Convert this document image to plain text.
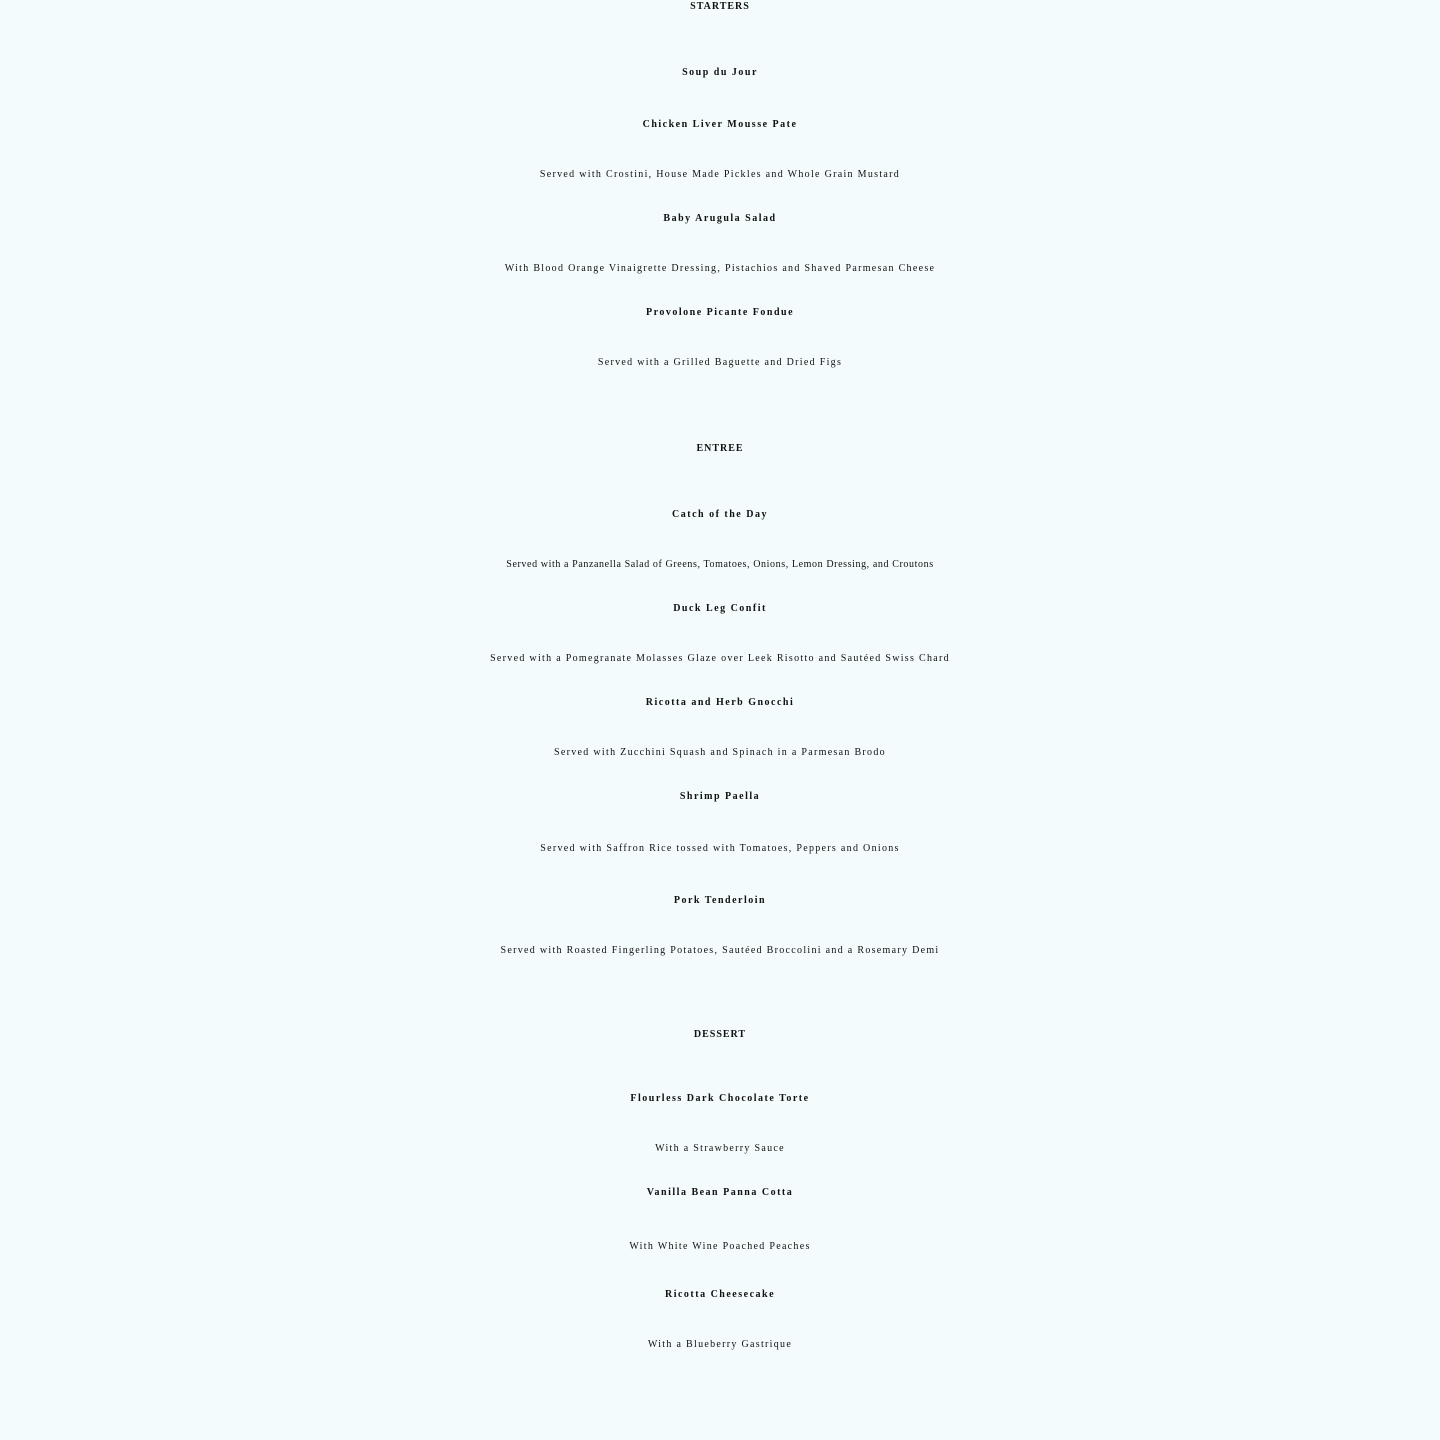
STARTERS
Soup du Jour
Chicken Liver Mousse Pate
Served with Crostini, House Made Pickles and Whole Grain Mustard
Baby Arugula Salad
With Blood Orange Vinaigrette Dressing, Pistachios and Shaved Parmesan Cheese
Provolone Picante Fondue
Served with a Grilled Baguette and Dried Figs
ENTREE
Catch of the Day
Served with a Panzanella Salad of Greens, Tomatoes, Onions, Lemon Dressing, and Croutons
Duck Leg Confit
Served with a Pomegranate Molasses Glaze over Leek Risotto and Sautéed Swiss Chard
Ricotta and Herb Gnocchi
Served with Zucchini Squash and Spinach in a Parmesan Brodo
Shrimp Paella
Served with Saffron Rice tossed with Tomatoes, Peppers and Onions
Pork Tenderloin
Served with Roasted Fingerling Potatoes, Sautéed Broccolini and a Rosemary Demi
DESSERT
Flourless Dark Chocolate Torte
With a Strawberry Sauce
Vanilla Bean Panna Cotta
With White Wine Poached Peaches
Ricotta Cheesecake
With a Blueberry Gastrique
